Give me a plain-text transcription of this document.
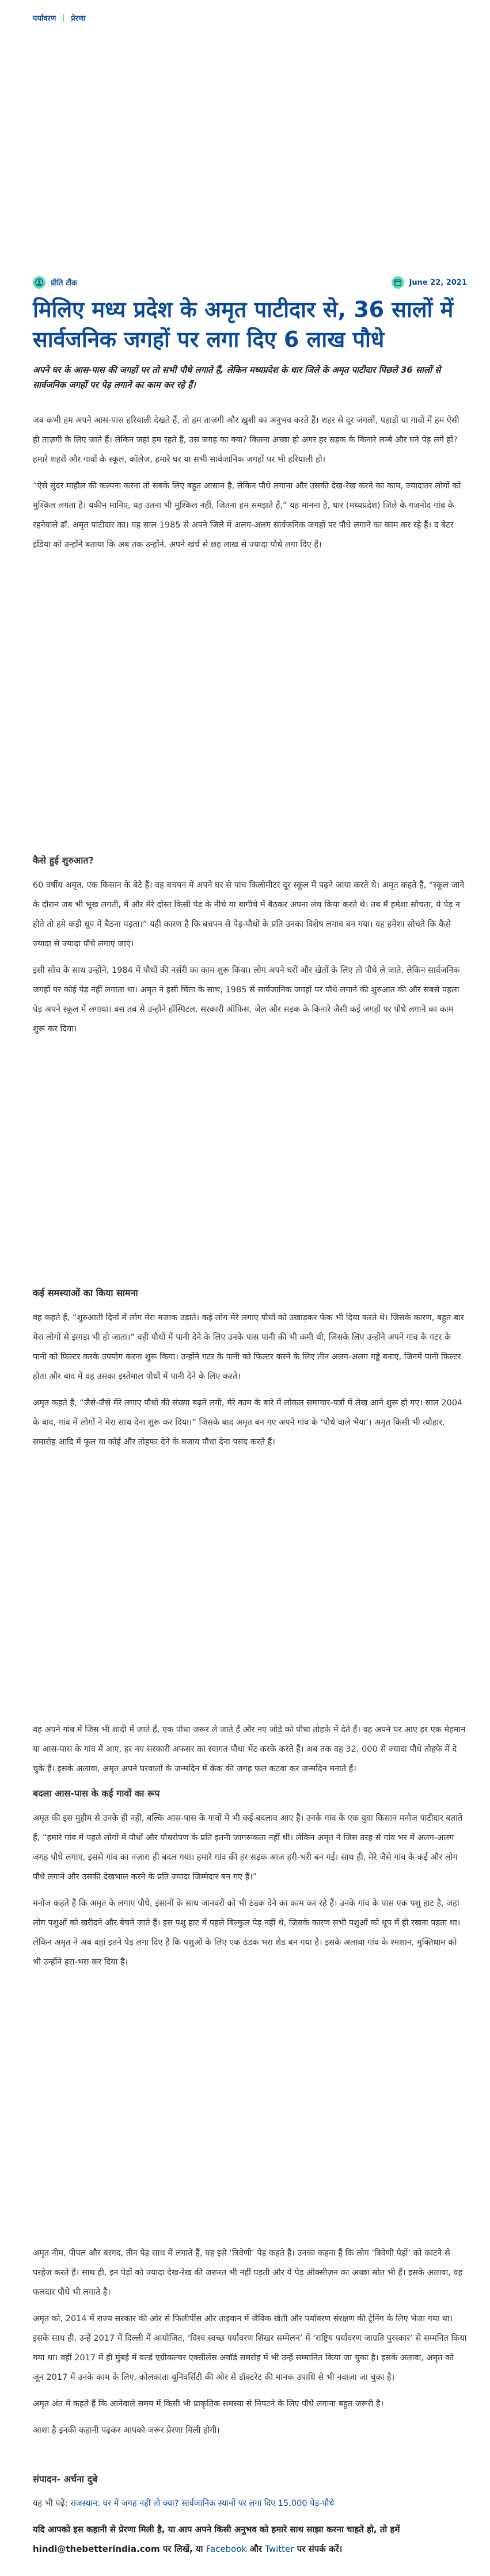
पर्यावरण प्रेरणा
प्रीति टौंक	June 22, 2021
मिलिए मध्य प्रदेश के अमृत पाटीदार से, 36 सालों में सार्वजनिक जगहों पर लगा दिए 6 लाख पौधे

अपने घर के आस-पास की जगहों पर तो सभी पौधे लगाते हैं, लेकिन मध्यप्रदेश के धार जिले के अमृत पाटीदार पिछले 36 सालों से सार्वजनिक जगहों पर पेड़ लगाने का काम कर रहे हैं।

जब कभी हम अपने आस-पास हरियाली देखते हैं, तो हम ताज़गी और ख़ुशी का अनुभव करते हैं। शहर से दूर जंगलों, पहाड़ों या गावों में हम ऐसी ही ताज़गी के लिए जाते हैं। लेकिन जहां हम रहते हैं, उस जगह का क्या? कितना अच्छा हो अगर हर सड़क के किनारे लम्बे और घने पेड़ लगे हों? हमारे शहरों और गावों के स्कूल, कॉलेज, हमारे घर या सभी सार्वजानिक जगहों पर भी हरियाली हो।

“ऐसे सुंदर माहौल की कल्पना करना तो सबके लिए बहुत आसान है, लेकिन पौधे लगाना और उसकी देख-रेख करने का काम, ज्यादातर लोगों को मुश्किल लगता है। यकीन मानिए, यह उतना भी मुश्किल नहीं, जितना हम समझते हैं,” यह मानना है, धार (मध्यप्रदेश) जिले के गजनोद गांव के रहनेवाले डॉ. अमृत पाटीदार का। वह साल 1985 से अपने जिले में अलग-अलग सार्वजनिक जगहों पर पौधे लगाने का काम कर रहे हैं। द बेटर इंडिया को उन्होंने बताया कि अब तक उन्होंने, अपने खर्च से छह लाख से ज्यादा पौधे लगा दिए हैं।

कैसे हुई शुरुआत?

60 वर्षीय अमृत, एक किसान के बेटे हैं। वह बचपन में अपने घर से पांच किलोमीटर दूर स्कूल में पढ़ने जाया करते थे। अमृत कहते हैं, “स्कूल जाने के दौरान जब भी भूख लगती, मैं और मेरे दोस्त किसी पेड़ के नीचे या बागीचे में बैठकर अपना लंच किया करते थे। तब मैं हमेशा सोचता, ये पेड़ न होते तो हमे कड़ी धूप में बैठना पड़ता।” यही कारण है कि बचपन से पेड़-पौधों के प्रति उनका विशेष लगाव बन गया। वह हमेशा सोचते कि कैसे ज्यादा से ज्यादा पौधे लगाए जाएं।

इसी सोच के साथ उन्होंने, 1984 में पौधों की नर्सरी का काम शुरू किया। लोग अपने घरों और खेतों के लिए तो पौधे ले जाते, लेकिन सार्वजनिक जगहों पर कोई पेड़ नहीं लगाता था। अमृत ने इसी चिंता के साथ, 1985 से सार्वजानिक जगहों पर पौधे लगाने की शुरुआत की और सबसे पहला पेड़ अपने स्कूल में लगाया। बस तब से उन्होंने हॉस्पिटल, सरकारी ऑफिस, जेल और सड़क के किनारे जैसी कई जगहों पर पौधे लगाने का काम शुरू कर दिया।

कई समस्याओं का किया सामना

वह कहते हैं, “शुरुआती दिनों में लोग मेरा मजाक उड़ाते। कई लोग मेरे लगाए पौधों को उखाड़कर फेंक भी दिया करते थे। जिसके कारण, बहुत बार मेरा लोगों से झगड़ा भी हो जाता।” वहीं पौधों में पानी देने के लिए उनके पास पानी की भी कमी थी, जिसके लिए उन्होंने अपने गांव के गटर के पानी को फ़िल्टर करके उपयोग करना शुरू किया। उन्होंने गटर के पानी को फ़िल्टर करने के लिए तीन अलग-अलग गड्ढे बनाए, जिनमें पानी फ़िल्टर होता और बाद में वह उसका इस्तेमाल पौधों में पानी देने के लिए करते।

अमृत कहते हैं, “जैसे-जैसे मेरे लगाए पौधों की संख्या बढ़ने लगी, मेरे काम के बारे में लोकल समाचार-पत्रों में लेख आने शुरू हो गए। साल 2004 के बाद, गांव में लोगों ने मेरा साथ देना शुरू कर दिया।” जिसके बाद अमृत बन गए अपने गांव के ‘पौधे वाले भैया’। अमृत किसी भी त्यौहार, समारोह आदि में फूल या कोई और तोहफा देने के बजाय पौधा देना पसंद करते हैं।

वह अपने गांव में जिस भी शादी में जाते हैं, एक पौधा जरूर ले जाते हैं और नए जोड़े को पौधा तोहफे में देते हैं। वह अपने घर आए हर एक मेहमान या आस-पास के गांव में आए, हर नए सरकारी अफसर का स्वागत पौधा भेंट करके करते हैं। अब तक वह 32, 000 से ज्यादा पौधे तोहफे में दे चुके हैं। इसके अलावा, अमृत अपने घरवालों के जन्मदिन में केक की जगह फल कटवा कर जन्मदिन मनाते हैं।

बदला आस-पास के कई गावों का रूप

अमृत की इस मुहीम से उनके ही नहीं, बल्कि आस-पास के गावों में भी कई बदलाव आए हैं। उनके गांव के एक युवा किसान मनोज पाटीदार बताते हैं, “हमारे गांव में पहले लोगों में पौधों और पौधरोपण के प्रति इतनी जागरूकता नहीं थी। लेकिन अमृत ने जिस तरह से गांव भर में अलग-अलग जगह पौधे लगाए, इससे गांव का नज़ारा ही बदल गया। हमारे गांव की हर सड़क आज हरी-भरी बन गई। साथ ही, मेरे जैसे गांव के कई और लोग पौधे लगाने और उसकी देखभाल करने के प्रति ज्यादा जिम्मेदार बन गए हैं।”

मनोज कहते हैं कि अमृत के लगाए पौधे, इंसानों के साथ जानवरों को भी ठंडक देने का काम कर रहे हैं। उनके गांव के पास एक पशु हाट है, जहां लोग पशुओं को खरीदने और बेचने जाते हैं। इस पशु हाट में पहले बिल्कुल पेड़ नहीं थे, जिसके कारण सभी पशुओं को धूप में ही रखना पड़ता था। लेकिन अमृत ने अब वहां इतने पेड़ लगा दिए हैं कि पशुओं के लिए एक ठंडक भरा शेड बन गया है। इसके अलावा गांव के श्मशान, मुक्तिधाम को भी उन्होंने हरा-भरा कर दिया है।

अमृत नीम, पीपल और बरगद, तीन पेड़ साथ में लगाते हैं, यह इसे ‘त्रिवेणी’ पेड़ कहते हैं। उनका कहना हैं कि लोग ‘त्रिवेणी पेड़ों’ को काटने से परहेज करते हैं। साथ ही, इन पेड़ों को ज्यादा देख-रेख की जरूरत भी नहीं पड़ती और ये पेड़ ऑक्सीज़न का अच्छा स्रोत भी हैं। इसके अलावा, वह फलदार पौधे भी लगाते हैं।

अमृत को, 2014 में राज्य सरकार की ओर से फिलीपींस और ताइवान में जैविक खेती और पर्यावरण संरक्षण की ट्रेनिंग के लिए भेजा गया था। इसके साथ ही, उन्हें 2017 में दिल्ली में आयोजित, ‘विश्व स्वच्छ पर्यावरण शिखर सम्मेलन’ में ‘राष्ट्रिय पर्यावरण जाग्रति पुरस्कार’ से सम्मनित किया गया था। वहीं 2017 में ही मुंबई में वर्ल्ड एग्रीकल्चर एक्सीलेंस अवॉर्ड समरोह में भी उन्हें सम्मानित किया जा चुका है। इसके अलावा, अमृत को जून 2017 में उनके काम के लिए, कोलकाता यूनिवर्सिटी की ओर से डॉक्टरेट की मानक उपाधि से भी नवाज़ा जा चुका है।

अमृत अंत में कहते हैं कि आनेवाले समय में किसी भी प्राकृतिक समस्या से निपटने के लिए पौधे लगाना बहुत जरूरी है।

आशा है इनकी कहानी पढ़कर आपको जरूर प्रेरणा मिली होगी।

संपादन- अर्चना दुबे

यह भी पढ़ें: राजस्थान: घर में जगह नहीं तो क्या? सार्वजानिक स्थानों पर लगा दिए 15,000 पेड़-पौधे

यदि आपको इस कहानी से प्रेरणा मिली है, या आप अपने किसी अनुभव को हमारे साथ साझा करना चाहते हो, तो हमें hindi@thebetterindia.com पर लिखें, या Facebook और Twitter पर संपर्क करें।
